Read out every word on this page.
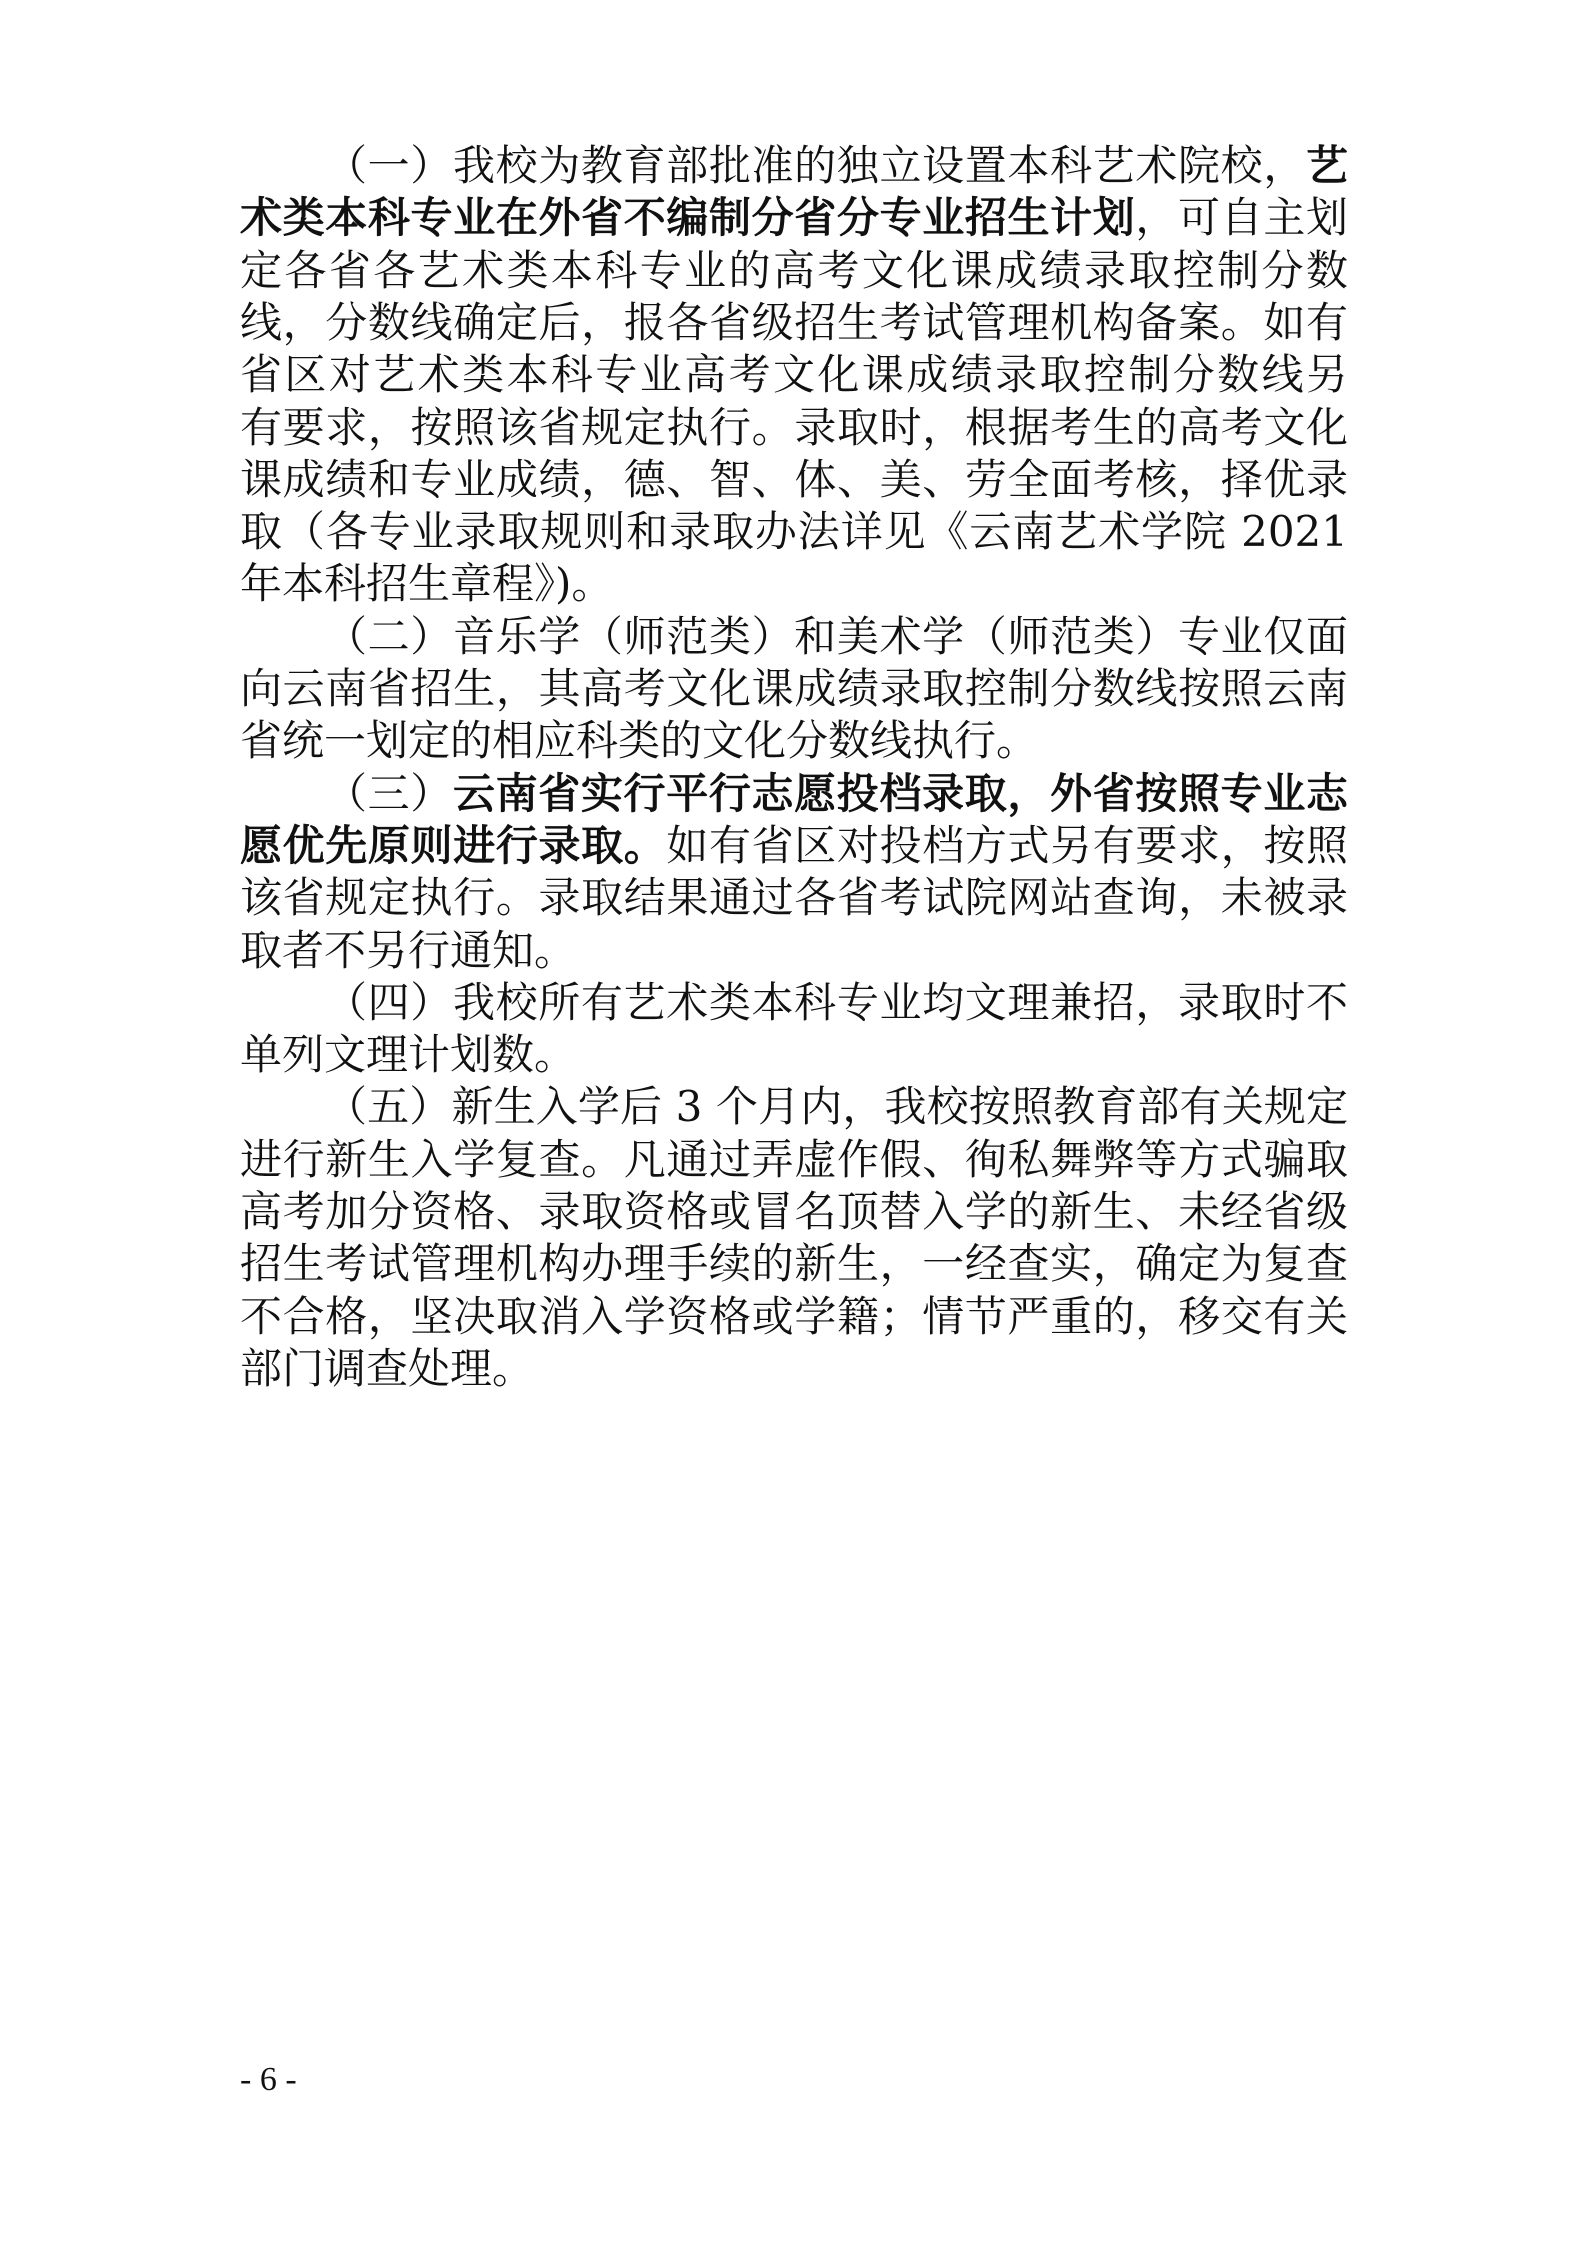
（一）我校为教育部批准的独立设置本科艺术院校，艺
术类本科专业在外省不编制分省分专业招生计划，可自主划
定各省各艺术类本科专业的高考文化课成绩录取控制分数
线，分数线确定后，报各省级招生考试管理机构备案。如有
省区对艺术类本科专业高考文化课成绩录取控制分数线另
有要求，按照该省规定执行。录取时，根据考生的高考文化
课成绩和专业成绩，德、智、体、美、劳全面考核，择优录
取（各专业录取规则和录取办法详见《云南艺术学院 2021
年本科招生章程》)。
（二）音乐学（师范类）和美术学（师范类）专业仅面
向云南省招生，其高考文化课成绩录取控制分数线按照云南
省统一划定的相应科类的文化分数线执行。
（三）云南省实行平行志愿投档录取，外省按照专业志
愿优先原则进行录取。如有省区对投档方式另有要求，按照
该省规定执行。录取结果通过各省考试院网站查询，未被录
取者不另行通知。
（四）我校所有艺术类本科专业均文理兼招，录取时不
单列文理计划数。
（五）新生入学后 3 个月内，我校按照教育部有关规定
进行新生入学复查。凡通过弄虚作假、徇私舞弊等方式骗取
高考加分资格、录取资格或冒名顶替入学的新生、未经省级
招生考试管理机构办理手续的新生，一经查实，确定为复查
不合格，坚决取消入学资格或学籍；情节严重的，移交有关
部门调查处理。
- 6 -
